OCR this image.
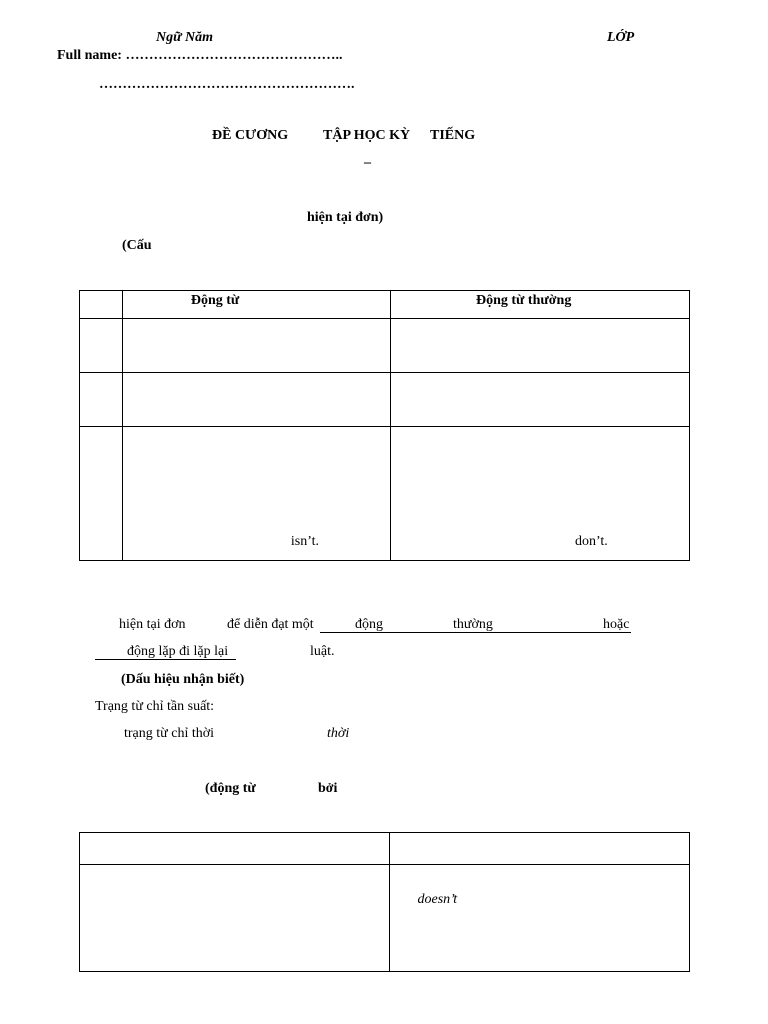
Ngữ Năm	LỚP
Full name: ………………………………………..
……………………………………………….
ĐỀ CƯƠNG TẬP HỌC KỲ TIẾNG
–
hiện tại đơn)
(Cấu

	Động từ	Động từ thường

	isn’t.	don’t.
hiện tại đơn	để diễn đạt một	động	thường	hoặc
động lặp đi lặp lại	luật.
(Dấu hiệu nhận biết)
Trạng từ chỉ tần suất:
trạng từ chỉ thời	thời
(động từ	bởi

	doesn’t
